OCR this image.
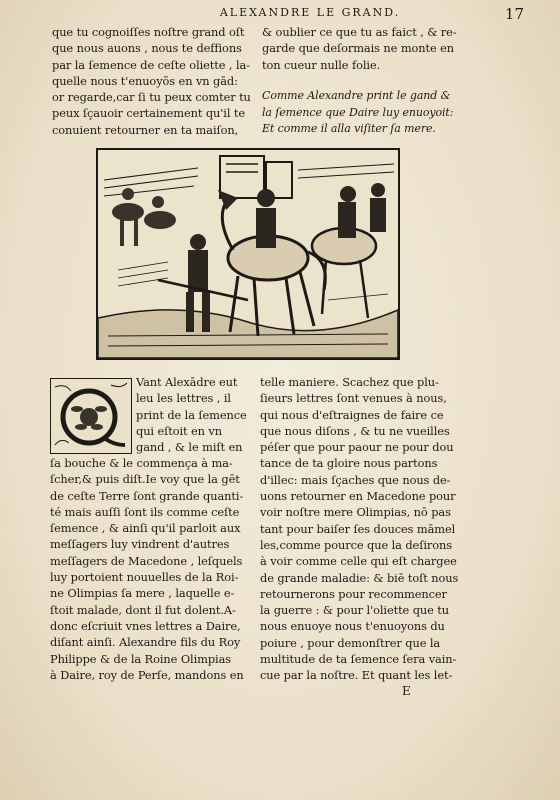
ALEXANDRE LE GRAND.	17
que tu cognoiſſes noſtre grand oſt
que nous auons , nous te deffions
par la ſemence de ceſte oliette , la-
quelle nous t'enuoyõs en vn gād:
or regarde,car ſi tu peux comter tu
peux ſçauoir certainement qu'il te
conuient retourner en ta maiſon,
& oublier ce que tu as faict , & re-
garde que deſormais ne monte en
ton cueur nulle folie.
Comme Alexandre print le gand &
la ſemence que Daire luy enuoyoit:
Et comme il alla viſiter ſa mere.
Vant Alexādre eut
leu les lettres , il
print de la ſemence
qui eſtoit en vn
gand , & le miſt en
ſa bouche & le commença à ma-
ſcher,& puis diſt.Ie voy que la gēt
de ceſte Terre ſont grande quanti-
té mais auſſi ſont ils comme ceſte
ſemence , & ainſi qu'il parloit aux
meſſagers luy vindrent d'autres
meſſagers de Macedone , leſquels
luy portoient nouuelles de la Roi-
ne Olimpias ſa mere , laquelle e-
ſtoit malade, dont il fut dolent.A-
donc eſcriuit vnes lettres a Daire,
diſant ainſi. Alexandre fils du Roy
Philippe & de la Roine Olimpias
à Daire, roy de Perſe, mandons en
telle maniere. Scachez que plu-
ſieurs lettres ſont venues à nous,
qui nous d'eſtraignes de faire ce
que nous diſons , & tu ne vueilles
péſer que pour paour ne pour dou
tance de ta gloire nous partons
d'illec: mais ſçaches que nous de-
uons retourner en Macedone pour
voir noſtre mere Olimpias, nō pas
tant pour baiſer ſes douces māmel
les,comme pource que la deſirons
à voir comme celle qui eſt chargee
de grande maladie: & biē toſt nous
retournerons pour recommencer
la guerre : & pour l'oliette que tu
nous enuoye nous t'enuoyons du
poiure , pour demonſtrer que la
multitude de ta ſemence ſera vain-
cue par la noſtre. Et quant les let-
E
